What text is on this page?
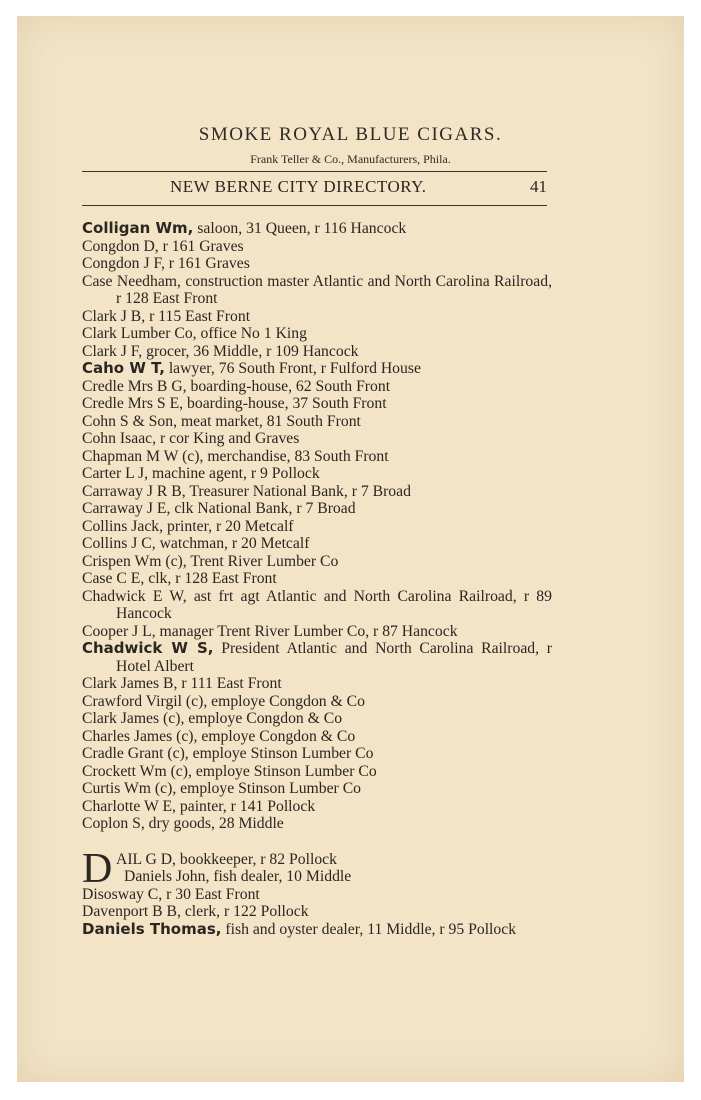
SMOKE ROYAL BLUE CIGARS.
Frank Teller & Co., Manufacturers, Phila.
NEW BERNE CITY DIRECTORY.	41
Colligan Wm, saloon, 31 Queen, r 116 Hancock
Congdon D, r 161 Graves
Congdon J F, r 161 Graves
Case Needham, construction master Atlantic and North Carolina Railroad, r 128 East Front
Clark J B, r 115 East Front
Clark Lumber Co, office No 1 King
Clark J F, grocer, 36 Middle, r 109 Hancock
Caho W T, lawyer, 76 South Front, r Fulford House
Credle Mrs B G, boarding-house, 62 South Front
Credle Mrs S E, boarding-house, 37 South Front
Cohn S & Son, meat market, 81 South Front
Cohn Isaac, r cor King and Graves
Chapman M W (c), merchandise, 83 South Front
Carter L J, machine agent, r 9 Pollock
Carraway J R B, Treasurer National Bank, r 7 Broad
Carraway J E, clk National Bank, r 7 Broad
Collins Jack, printer, r 20 Metcalf
Collins J C, watchman, r 20 Metcalf
Crispen Wm (c), Trent River Lumber Co
Case C E, clk, r 128 East Front
Chadwick E W, ast frt agt Atlantic and North Carolina Railroad, r 89 Hancock
Cooper J L, manager Trent River Lumber Co, r 87 Hancock
Chadwick W S, President Atlantic and North Carolina Railroad, r Hotel Albert
Clark James B, r 111 East Front
Crawford Virgil (c), employe Congdon & Co
Clark James (c), employe Congdon & Co
Charles James (c), employe Congdon & Co
Cradle Grant (c), employe Stinson Lumber Co
Crockett Wm (c), employe Stinson Lumber Co
Curtis Wm (c), employe Stinson Lumber Co
Charlotte W E, painter, r 141 Pollock
Coplon S, dry goods, 28 Middle
D AIL G D, bookkeeper, r 82 Pollock
Daniels John, fish dealer, 10 Middle
Disosway C, r 30 East Front
Davenport B B, clerk, r 122 Pollock
Daniels Thomas, fish and oyster dealer, 11 Middle, r 95 Pollock
